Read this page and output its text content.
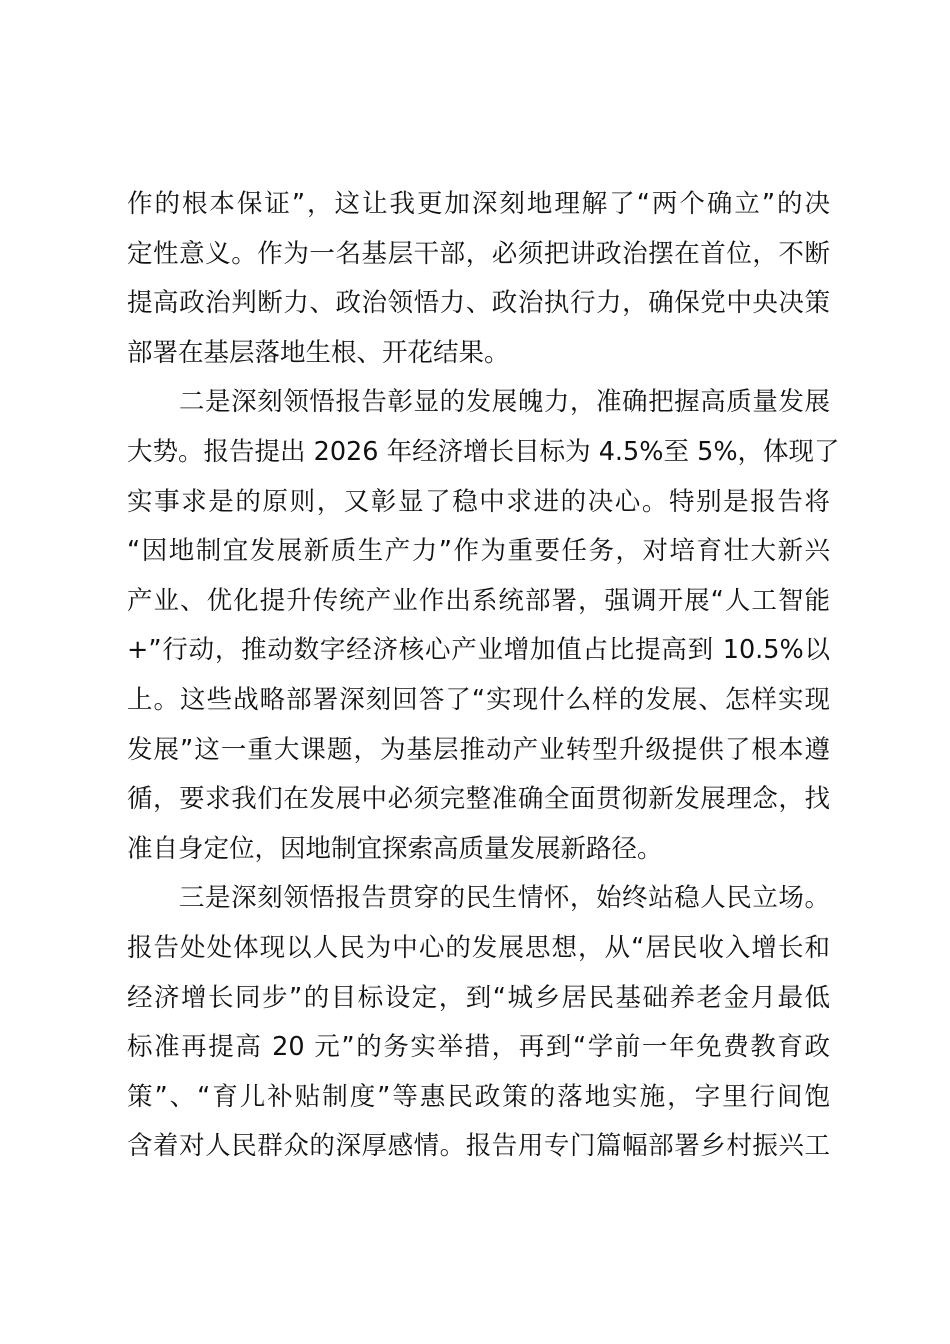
作的根本保证”，这让我更加深刻地理解了“两个确立”的决
定性意义。作为一名基层干部，必须把讲政治摆在首位，不断
提高政治判断力、政治领悟力、政治执行力，确保党中央决策
部署在基层落地生根、开花结果。
二是深刻领悟报告彰显的发展魄力，准确把握高质量发展
大势。报告提出 2026 年经济增长目标为 4.5%至 5%，体现了
实事求是的原则，又彰显了稳中求进的决心。特别是报告将
“因地制宜发展新质生产力”作为重要任务，对培育壮大新兴
产业、优化提升传统产业作出系统部署，强调开展“人工智能
+”行动，推动数字经济核心产业增加值占比提高到 10.5%以
上。这些战略部署深刻回答了“实现什么样的发展、怎样实现
发展”这一重大课题，为基层推动产业转型升级提供了根本遵
循，要求我们在发展中必须完整准确全面贯彻新发展理念，找
准自身定位，因地制宜探索高质量发展新路径。
三是深刻领悟报告贯穿的民生情怀，始终站稳人民立场。
报告处处体现以人民为中心的发展思想，从“居民收入增长和
经济增长同步”的目标设定，到“城乡居民基础养老金月最低
标准再提高 20 元”的务实举措，再到“学前一年免费教育政
策”、“育儿补贴制度”等惠民政策的落地实施，字里行间饱
含着对人民群众的深厚感情。报告用专门篇幅部署乡村振兴工
